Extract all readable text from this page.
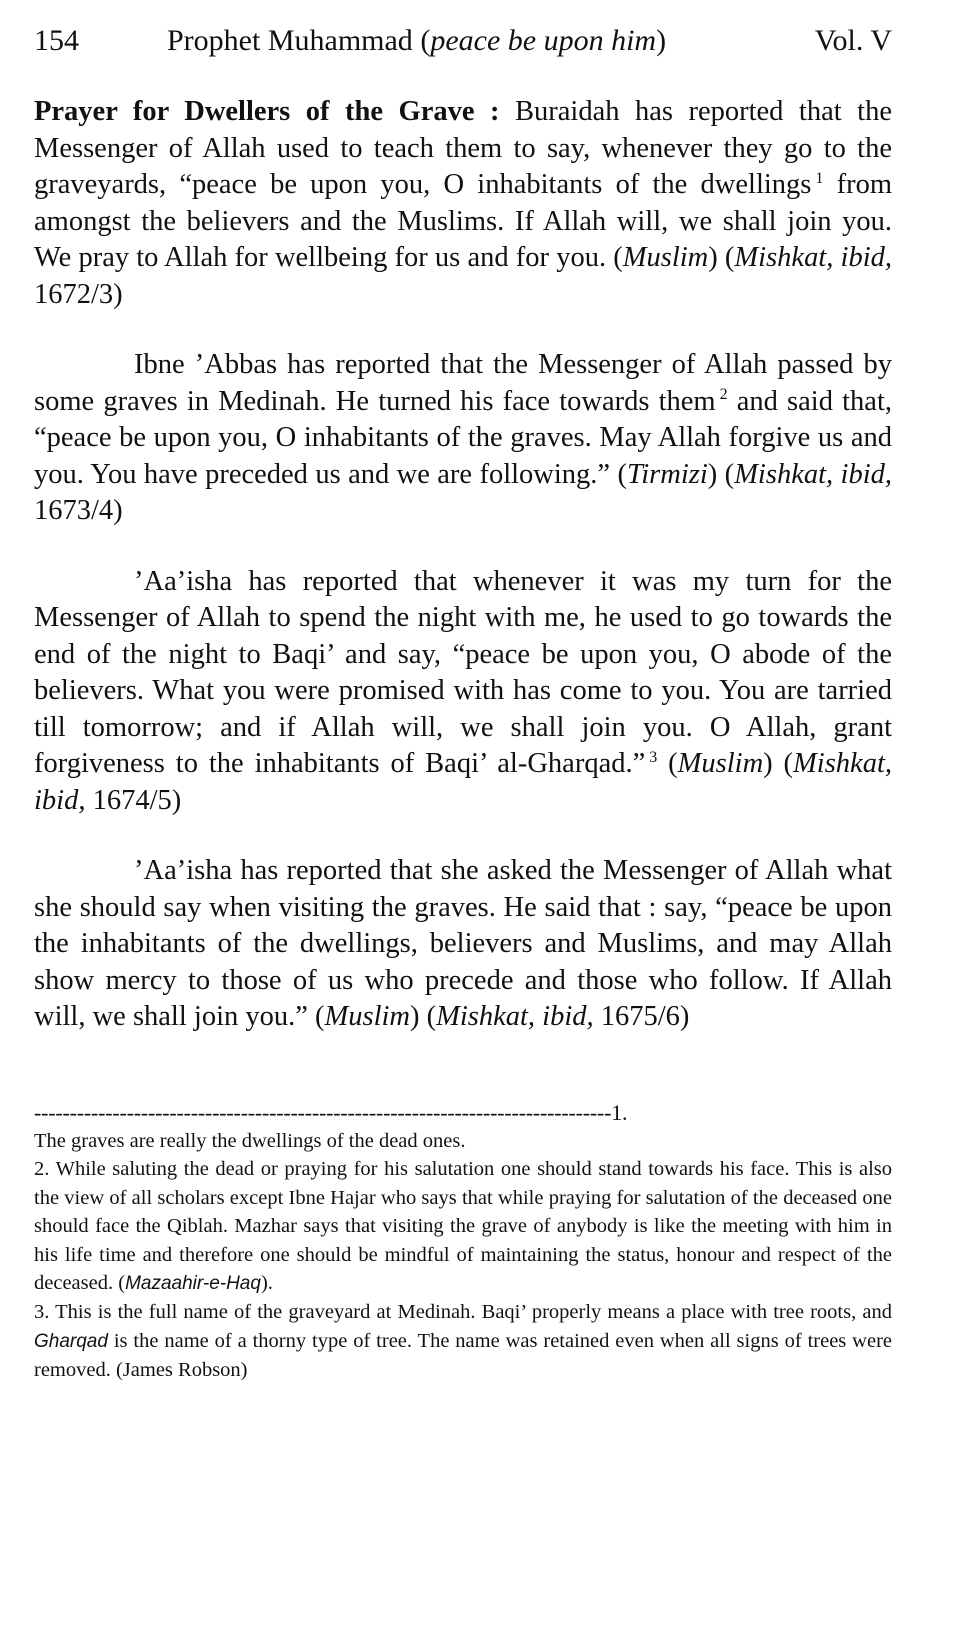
154	Prophet Muhammad (peace be upon him)	Vol. V

Prayer for Dwellers of the Grave : Buraidah has reported that the Messenger of Allah used to teach them to say, whenever they go to the graveyards, “peace be upon you, O inhabitants of the dwellings $^1$ from amongst the believers and the Muslims. If Allah will, we shall join you. We pray to Allah for wellbeing for us and for you. (Muslim) (Mishkat, ibid, 1672/3)

Ibne ’Abbas has reported that the Messenger of Allah passed by some graves in Medinah. He turned his face towards them $^2$ and said that, “peace be upon you, O inhabitants of the graves. May Allah forgive us and you. You have preceded us and we are following.” (Tirmizi) (Mishkat, ibid, 1673/4)

’Aa’isha has reported that whenever it was my turn for the Messenger of Allah to spend the night with me, he used to go towards the end of the night to Baqi’ and say, “peace be upon you, O abode of the believers. What you were promised with has come to you. You are tarried till tomorrow; and if Allah will, we shall join you. O Allah, grant forgiveness to the inhabitants of Baqi’ al-Gharqad.” $^3$ (Muslim) (Mishkat, ibid, 1674/5)

’Aa’isha has reported that she asked the Messenger of Allah what she should say when visiting the graves. He said that : say, “peace be upon the inhabitants of the dwellings, believers and Muslims, and may Allah show mercy to those of us who precede and those who follow. If Allah will, we shall join you.” (Muslim) (Mishkat, ibid, 1675/6)

---------------------------------------------------------------------------------1.

The graves are really the dwellings of the dead ones.

2. While saluting the dead or praying for his salutation one should stand towards his face. This is also the view of all scholars except Ibne Hajar who says that while praying for salutation of the deceased one should face the Qiblah. Mazhar says that visiting the grave of anybody is like the meeting with him in his life time and therefore one should be mindful of maintaining the status, honour and respect of the deceased. (Mazaahir-e-Haq).

3. This is the full name of the graveyard at Medinah. Baqi’ properly means a place with tree roots, and Gharqad is the name of a thorny type of tree. The name was retained even when all signs of trees were removed. (James Robson)
